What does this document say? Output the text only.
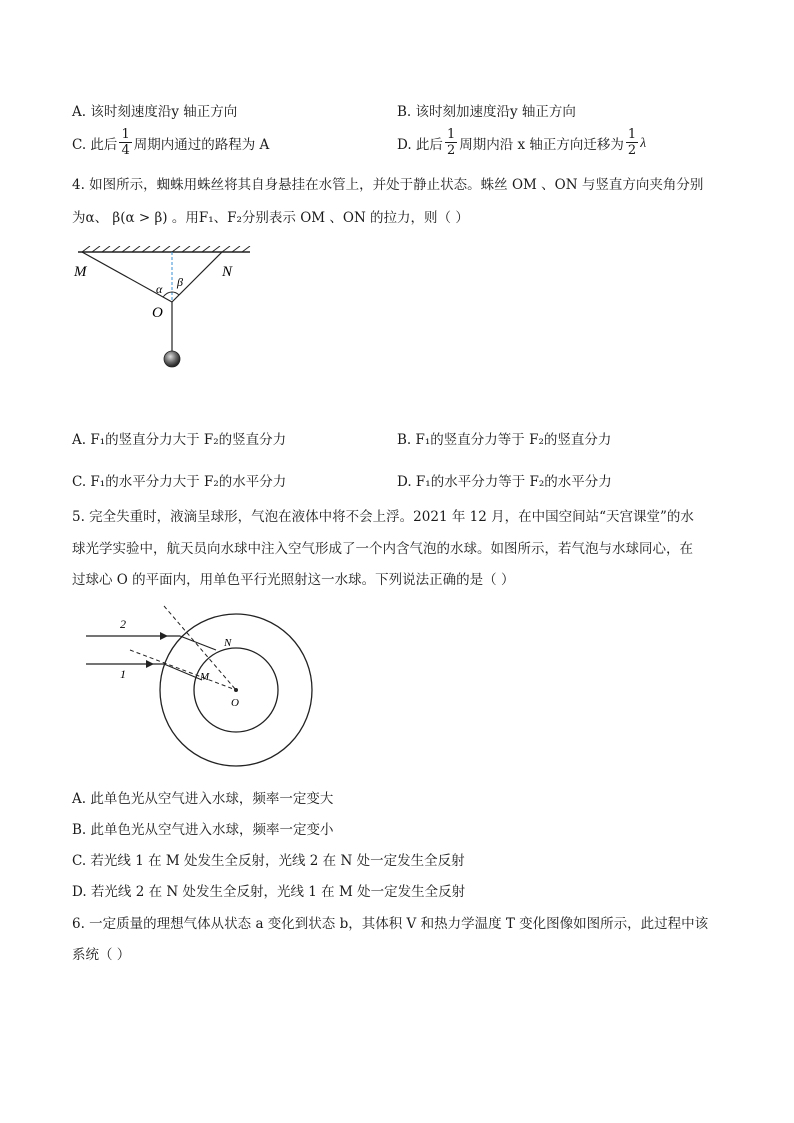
A. 该时刻速度沿y 轴正方向	B. 该时刻加速度沿y 轴正方向
C. 此后 $\frac{1}{4}$ 周期内通过的路程为 A	D. 此后 $\frac{1}{2}$ 周期内沿 x 轴正方向迁移为 $\frac{1}{2}$ λ
4. 如图所示，蜘蛛用蛛丝将其自身悬挂在水管上，并处于静止状态。蛛丝 OM 、ON 与竖直方向夹角分别
为α、 β(α > β) 。用F₁、F₂分别表示 OM 、ON 的拉力，则（ ）
M	N
O
α β
A. F₁的竖直分力大于 F₂的竖直分力	B. F₁的竖直分力等于 F₂的竖直分力
C. F₁的水平分力大于 F₂的水平分力	D. F₁的水平分力等于 F₂的水平分力
5. 完全失重时，液滴呈球形，气泡在液体中将不会上浮。2021 年 12 月，在中国空间站“天宫课堂”的水
球光学实验中，航天员向水球中注入空气形成了一个内含气泡的水球。如图所示，若气泡与水球同心，在
过球心 O 的平面内，用单色平行光照射这一水球。下列说法正确的是（ ）
2
1
N
M
O
A. 此单色光从空气进入水球，频率一定变大
B. 此单色光从空气进入水球，频率一定变小
C. 若光线 1 在 M 处发生全反射，光线 2 在 N 处一定发生全反射
D. 若光线 2 在 N 处发生全反射，光线 1 在 M 处一定发生全反射
6. 一定质量的理想气体从状态 a 变化到状态 b，其体积 V 和热力学温度 T 变化图像如图所示，此过程中该
系统（ ）
